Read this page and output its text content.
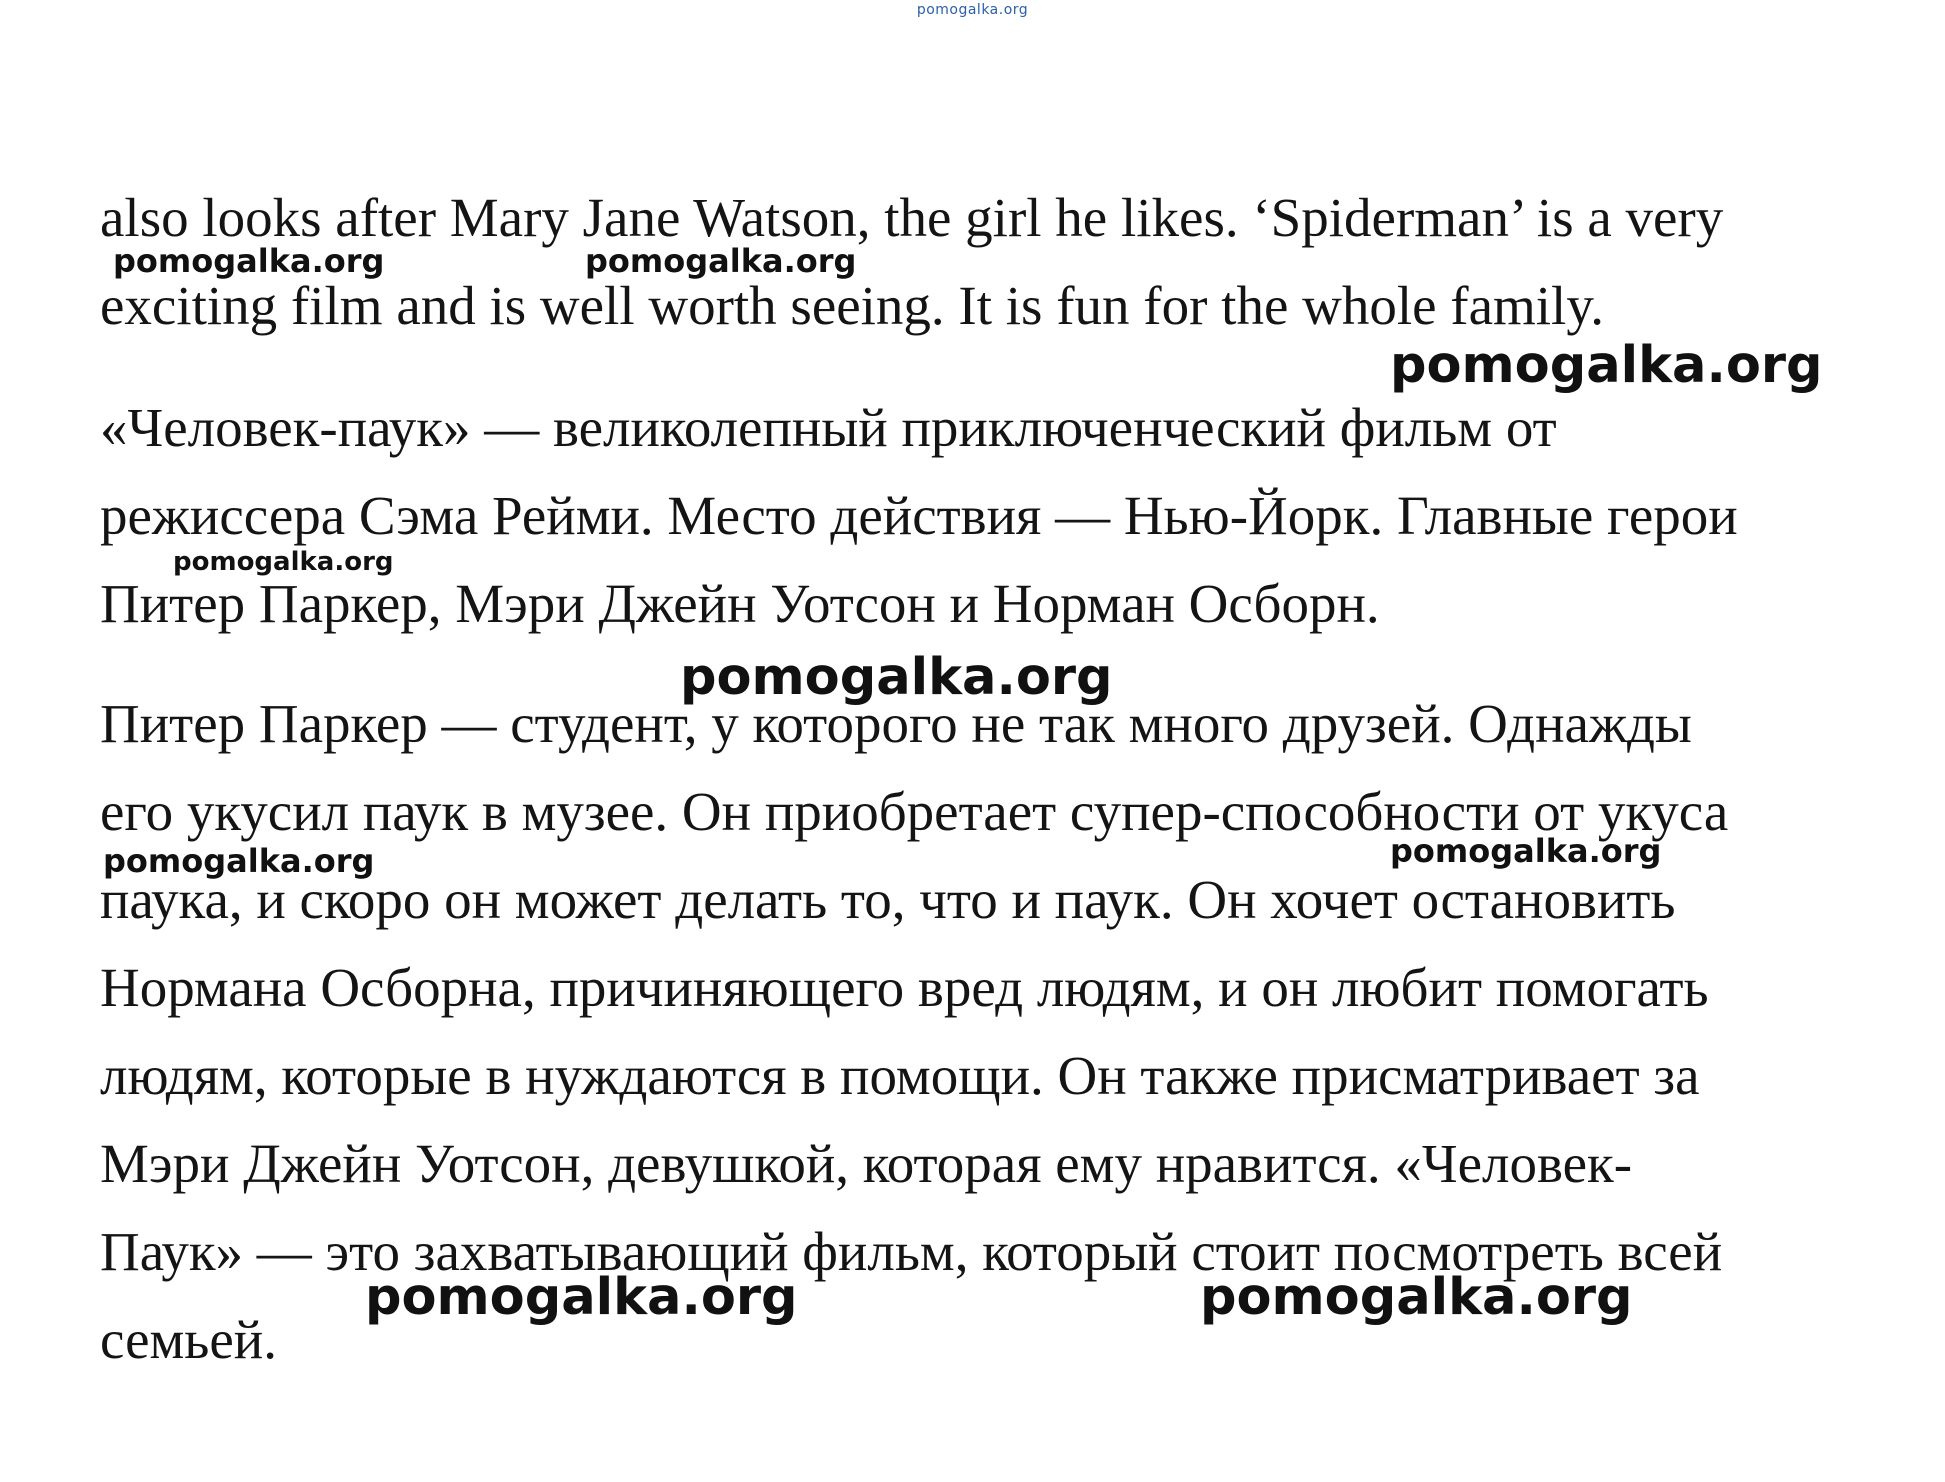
pomogalka.org
also looks after Mary Jane Watson, the girl he likes. ‘Spiderman’ is a very
exciting film and is well worth seeing. It is fun for the whole family.
«Человек-паук» — великолепный приключенческий фильм от
режиссера Сэма Рейми. Место действия — Нью-Йорк. Главные герои
Питер Паркер, Мэри Джейн Уотсон и Норман Осборн.
Питер Паркер — студент, у которого не так много друзей. Однажды
его укусил паук в музее. Он приобретает супер-способности от укуса
паука, и скоро он может делать то, что и паук. Он хочет остановить
Нормана Осборна, причиняющего вред людям, и он любит помогать
людям, которые в нуждаются в помощи. Он также присматривает за
Мэри Джейн Уотсон, девушкой, которая ему нравится. «Человек-
Паук» — это захватывающий фильм, который стоит посмотреть всей
семьей.
pomogalka.org	pomogalka.org
pomogalka.org
pomogalka.org
pomogalka.org
pomogalka.org	pomogalka.org
pomogalka.org	pomogalka.org
